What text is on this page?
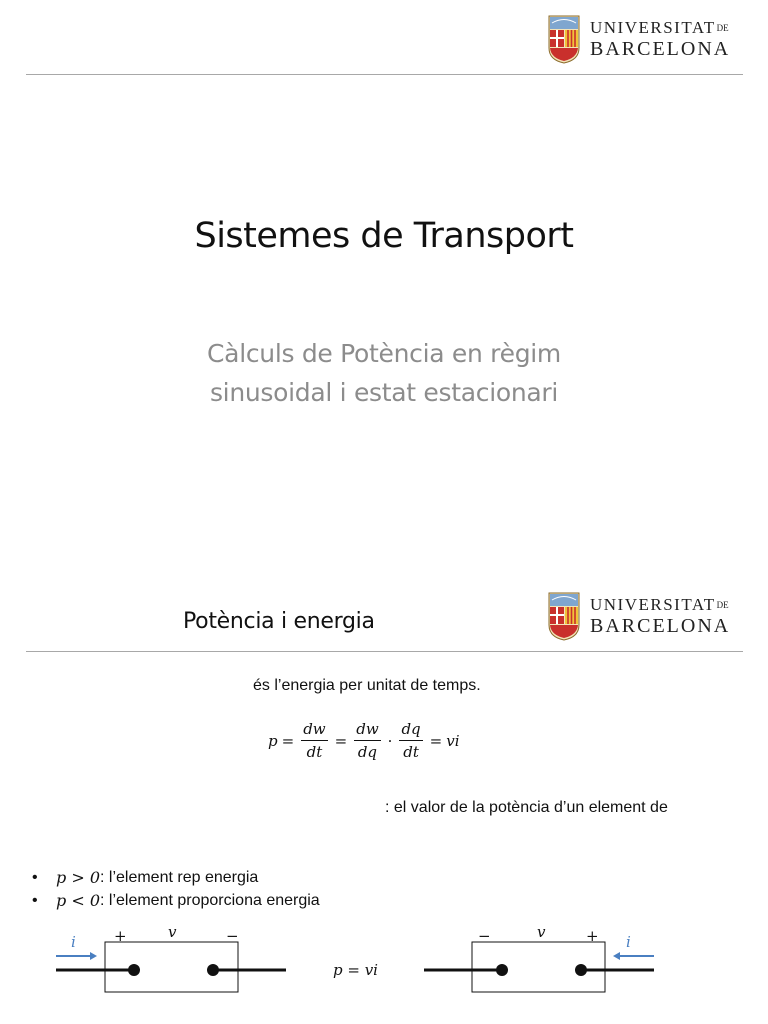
UNIVERSITATDE
BARCELONA
Sistemes de Transport
Càlculs de Potència en règim
sinusoidal i estat estacionari
Potència i energia
UNIVERSITATDE
BARCELONA
és l’energia per unitat de temps.
$p = \frac{dw}{dt} = \frac{dw}{dq} \cdot \frac{dq}{dt}$ = vi
: el valor de la potència d’un element de
•	p > 0 : l’element rep energia
•	p < 0 : l’element proporciona energia
i	+	v	−
p = vi
−	v	+ i
